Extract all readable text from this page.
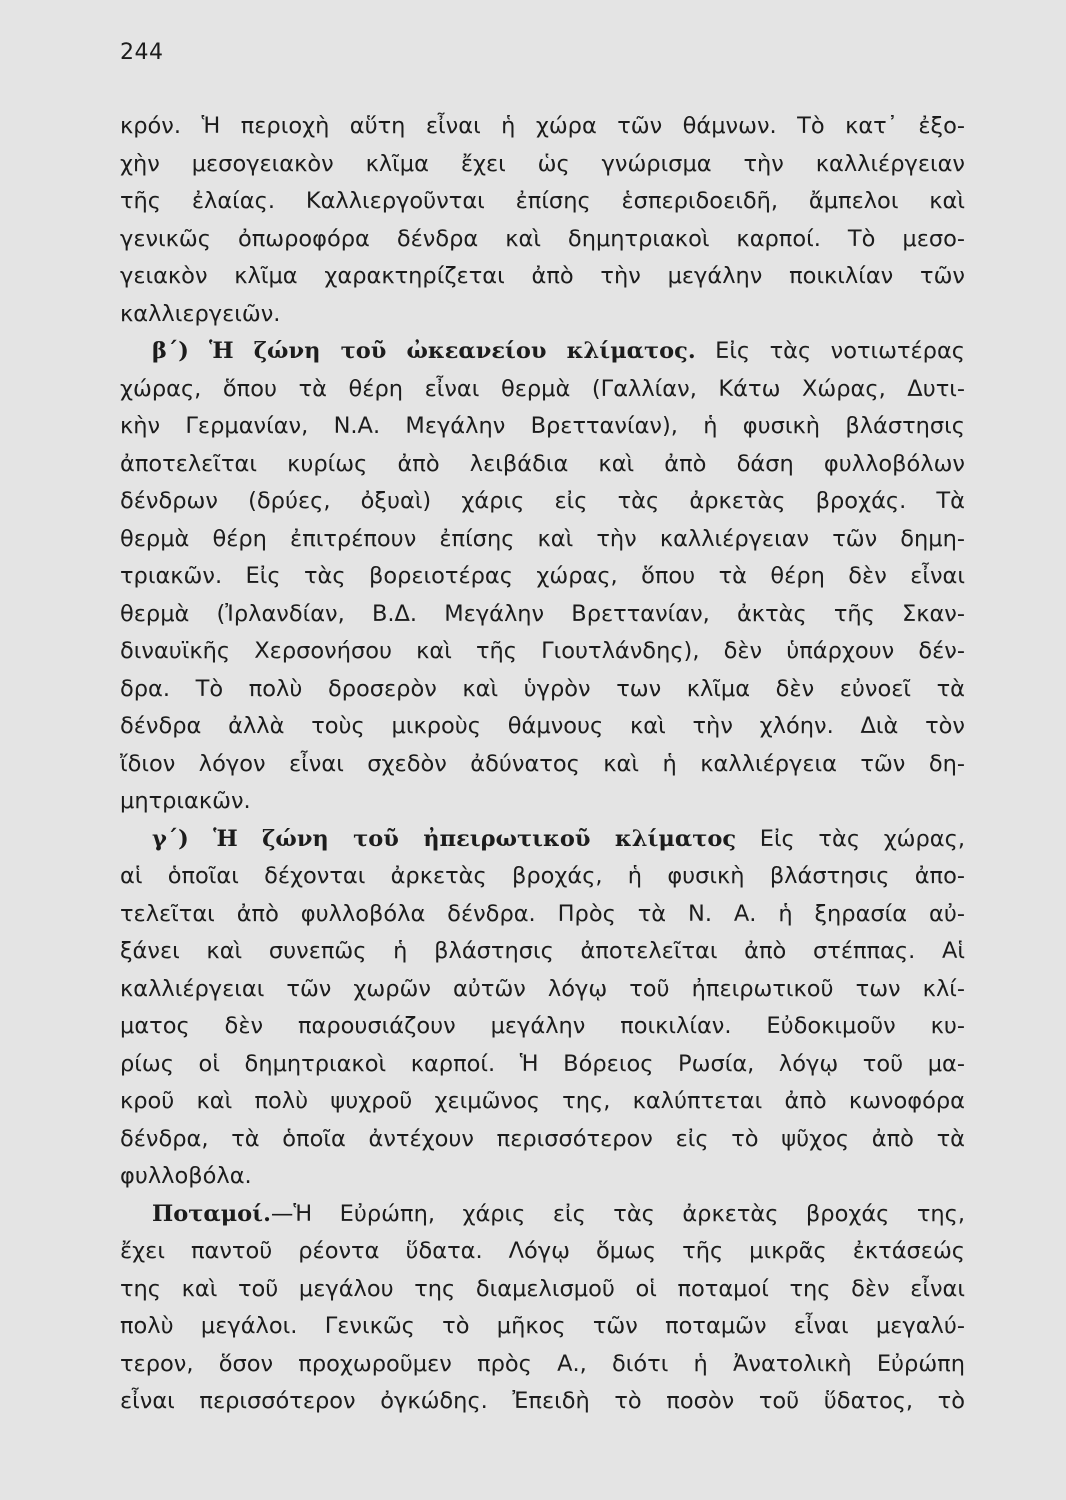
244
κρόν. Ἡ περιοχὴ αὕτη εἶναι ἡ χώρα τῶν θάμνων. Τὸ κατ᾽ ἐξο-
χὴν μεσογειακὸν κλῖμα ἔχει ὡς γνώρισμα τὴν καλλιέργειαν
τῆς ἐλαίας. Καλλιεργοῦνται ἐπίσης ἑσπεριδοειδῆ, ἄμπελοι καὶ
γενικῶς ὀπωροφόρα δένδρα καὶ δημητριακοὶ καρποί. Τὸ μεσο-
γειακὸν κλῖμα χαρακτηρίζεται ἀπὸ τὴν μεγάλην ποικιλίαν τῶν
καλλιεργειῶν.
β΄) Ἡ ζώνη τοῦ ὠκεανείου κλίματος. Εἰς τὰς νοτιωτέρας
χώρας, ὅπου τὰ θέρη εἶναι θερμὰ (Γαλλίαν, Κάτω Χώρας, Δυτι-
κὴν Γερμανίαν, Ν.Α. Μεγάλην Βρεττανίαν), ἡ φυσικὴ βλάστησις
ἀποτελεῖται κυρίως ἀπὸ λειβάδια καὶ ἀπὸ δάση φυλλοβόλων
δένδρων (δρύες, ὀξυαὶ) χάρις εἰς τὰς ἀρκετὰς βροχάς. Τὰ
θερμὰ θέρη ἐπιτρέπουν ἐπίσης καὶ τὴν καλλιέργειαν τῶν δημη-
τριακῶν. Εἰς τὰς βορειοτέρας χώρας, ὅπου τὰ θέρη δὲν εἶναι
θερμὰ (Ἰρλανδίαν, Β.Δ. Μεγάλην Βρεττανίαν, ἀκτὰς τῆς Σκαν-
διναυϊκῆς Χερσονήσου καὶ τῆς Γιουτλάνδης), δὲν ὑπάρχουν δέν-
δρα. Τὸ πολὺ δροσερὸν καὶ ὑγρὸν των κλῖμα δὲν εὐνοεῖ τὰ
δένδρα ἀλλὰ τοὺς μικροὺς θάμνους καὶ τὴν χλόην. Διὰ τὸν
ἴδιον λόγον εἶναι σχεδὸν ἀδύνατος καὶ ἡ καλλιέργεια τῶν δη-
μητριακῶν.
γ΄) Ἡ ζώνη τοῦ ἠπειρωτικοῦ κλίματος Εἰς τὰς χώρας,
αἱ ὁποῖαι δέχονται ἀρκετὰς βροχάς, ἡ φυσικὴ βλάστησις ἀπο-
τελεῖται ἀπὸ φυλλοβόλα δένδρα. Πρὸς τὰ Ν. Α. ἡ ξηρασία αὐ-
ξάνει καὶ συνεπῶς ἡ βλάστησις ἀποτελεῖται ἀπὸ στέππας. Αἱ
καλλιέργειαι τῶν χωρῶν αὐτῶν λόγῳ τοῦ ἠπειρωτικοῦ των κλί-
ματος δὲν παρουσιάζουν μεγάλην ποικιλίαν. Εὐδοκιμοῦν κυ-
ρίως οἱ δημητριακοὶ καρποί. Ἡ Βόρειος Ρωσία, λόγῳ τοῦ μα-
κροῦ καὶ πολὺ ψυχροῦ χειμῶνος της, καλύπτεται ἀπὸ κωνοφόρα
δένδρα, τὰ ὁποῖα ἀντέχουν περισσότερον εἰς τὸ ψῦχος ἀπὸ τὰ
φυλλοβόλα.
Ποταμοί.—Ἡ Εὐρώπη, χάρις εἰς τὰς ἀρκετὰς βροχάς της,
ἔχει παντοῦ ρέοντα ὕδατα. Λόγῳ ὅμως τῆς μικρᾶς ἐκτάσεώς
της καὶ τοῦ μεγάλου της διαμελισμοῦ οἱ ποταμοί της δὲν εἶναι
πολὺ μεγάλοι. Γενικῶς τὸ μῆκος τῶν ποταμῶν εἶναι μεγαλύ-
τερον, ὅσον προχωροῦμεν πρὸς Α., διότι ἡ Ἀνατολικὴ Εὐρώπη
εἶναι περισσότερον ὀγκώδης. Ἐπειδὴ τὸ ποσὸν τοῦ ὕδατος, τὸ
